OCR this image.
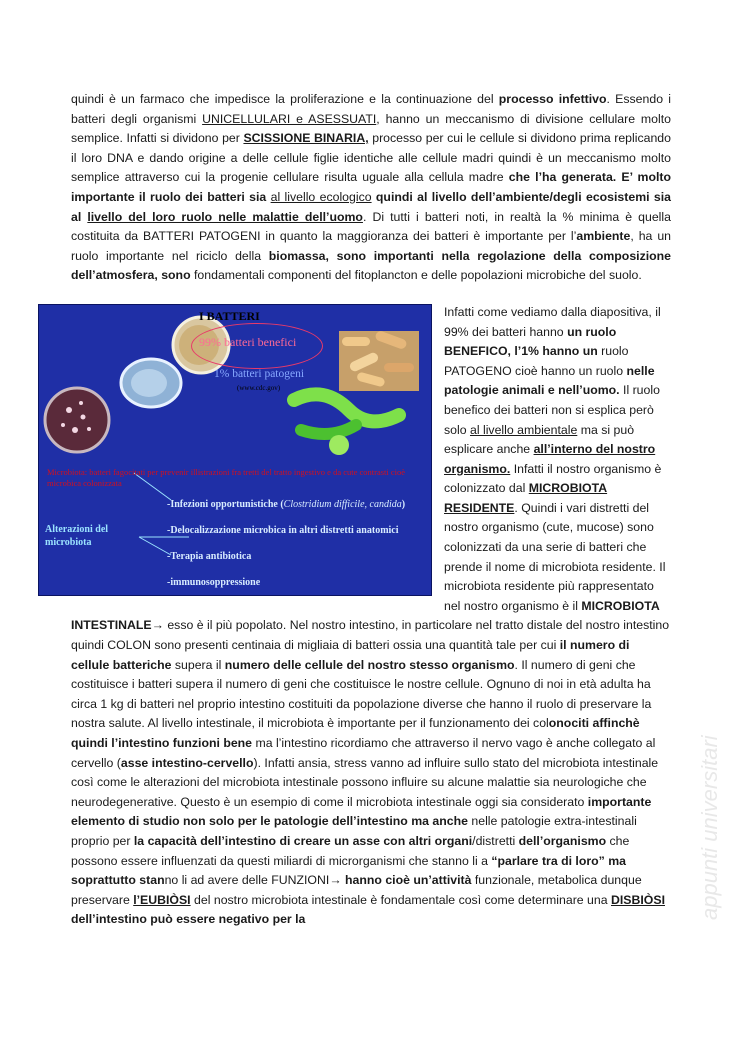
quindi è un farmaco che impedisce la proliferazione e la continuazione del processo infettivo. Essendo i batteri degli organismi UNICELLULARI e ASESSUATI, hanno un meccanismo di divisione cellulare molto semplice. Infatti si dividono per SCISSIONE BINARIA, processo per cui le cellule si dividono prima replicando il loro DNA e dando origine a delle cellule figlie identiche alle cellule madri quindi è un meccanismo molto semplice attraverso cui la progenie cellulare risulta uguale alla cellula madre che l’ha generata. E’ molto importante il ruolo dei batteri sia al livello ecologico quindi al livello dell’ambiente/degli ecosistemi sia al livello del loro ruolo nelle malattie dell’uomo. Di tutti i batteri noti, in realtà la % minima è quella costituita da BATTERI PATOGENI in quanto la maggioranza dei batteri è importante per l’ambiente, ha un ruolo importante nel riciclo della biomassa, sono importanti nella regolazione della composizione dell’atmosfera, sono fondamentali componenti del fitoplancton e delle popolazioni microbiche del suolo.

I BATTERI
99% batteri benefici
1% batteri patogeni
(www.cdc.gov)
Microbiota: batteri fagocitati per prevenir illistrazioni fra tretti del tratto ingestivo e da cute contrasti cioè microbica colonizzata
Alterazioni del microbiota
-Infezioni opportunistiche (Clostridium difficile, candida)
-Delocalizzazione microbica in altri distretti anatomici
-Terapia antibiotica
-immunosoppressione

Infatti come vediamo dalla diapositiva, il 99% dei batteri hanno un ruolo BENEFICO, l’1% hanno un ruolo PATOGENO cioè hanno un ruolo nelle patologie animali e nell’uomo. Il ruolo benefico dei batteri non si esplica però solo al livello ambientale ma si può esplicare anche all’interno del nostro organismo. Infatti il nostro organismo è colonizzato dal MICROBIOTA RESIDENTE. Quindi i vari distretti del nostro organismo (cute, mucose) sono colonizzati da una serie di batteri che prende il nome di microbiota residente. Il microbiota residente più rappresentato nel nostro organismo è il MICROBIOTA INTESTINALE→ esso è il più popolato. Nel nostro intestino, in particolare nel tratto distale del nostro intestino quindi COLON sono presenti centinaia di migliaia di batteri ossia una quantità tale per cui il numero di cellule batteriche supera il numero delle cellule del nostro stesso organismo. Il numero di geni che costituisce i batteri supera il numero di geni che costituisce le nostre cellule. Ognuno di noi in età adulta ha circa 1 kg di batteri nel proprio intestino costituiti da popolazione diverse che hanno il ruolo di preservare la nostra salute. Al livello intestinale, il microbiota è importante per il funzionamento dei colonociti affinchè quindi l’intestino funzioni bene ma l’intestino ricordiamo che attraverso il nervo vago è anche collegato al cervello (asse intestino-cervello). Infatti ansia, stress vanno ad influire sullo stato del microbiota intestinale così come le alterazioni del microbiota intestinale possono influire su alcune malattie sia neurologiche che neurodegenerative. Questo è un esempio di come il microbiota intestinale oggi sia considerato importante elemento di studio non solo per le patologie dell’intestino ma anche nelle patologie extra-intestinali proprio per la capacità dell’intestino di creare un asse con altri organi/distretti dell’organismo che possono essere influenzati da questi miliardi di microrganismi che stanno li a “parlare tra di loro” ma soprattutto stanno li ad avere delle FUNZIONI→ hanno cioè un’attività funzionale, metabolica dunque preservare l’EUBIÒSI del nostro microbiota intestinale è fondamentale così come determinare una DISBIÒSI dell’intestino può essere negativo per la	appunti universitari
